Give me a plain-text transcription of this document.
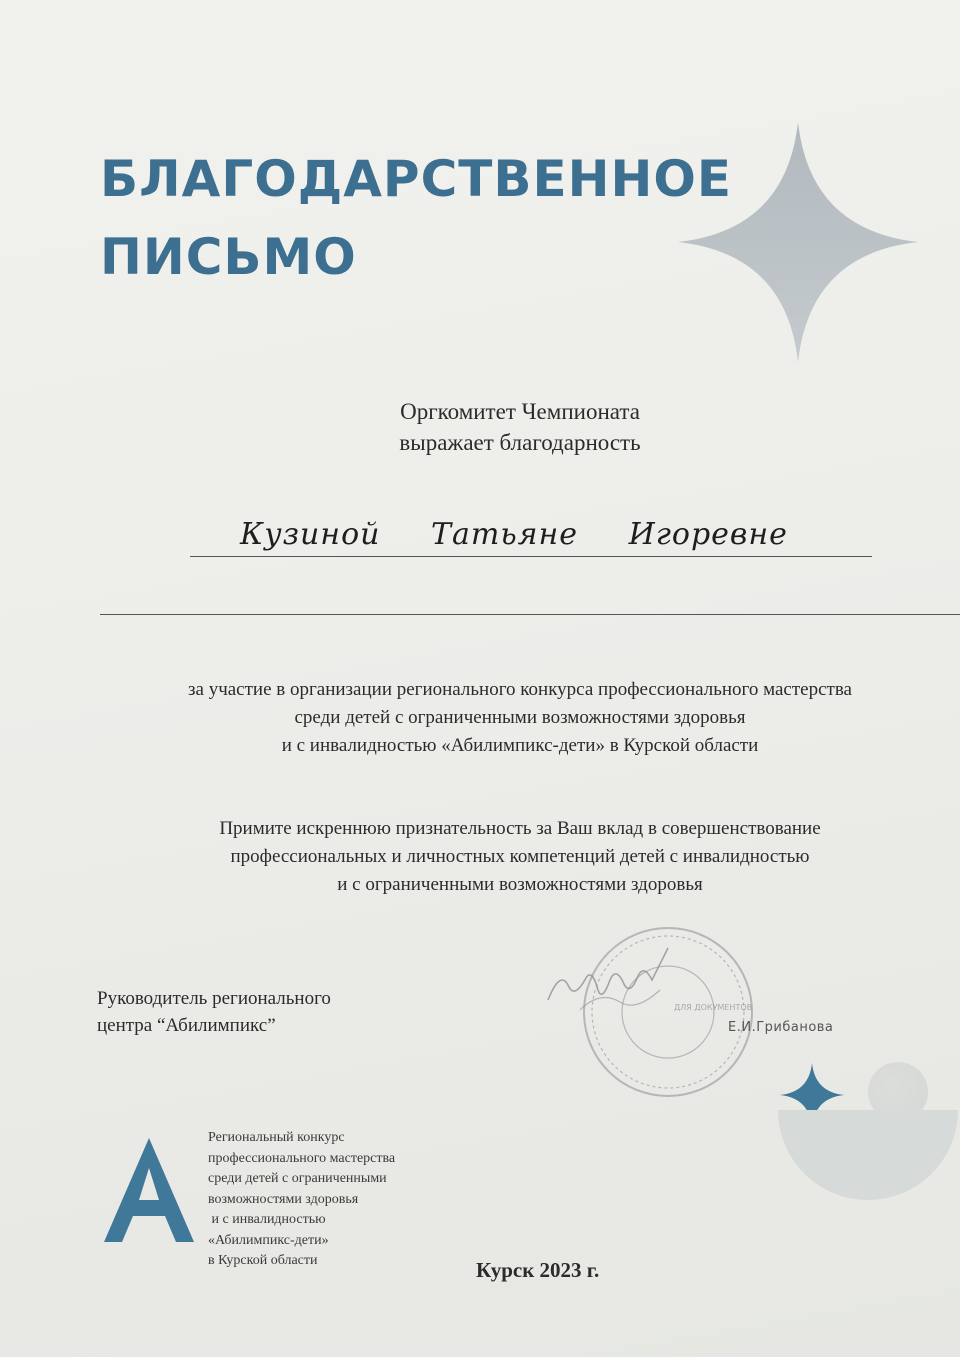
БЛАГОДАРСТВЕННОЕ
ПИСЬМО
Оргкомитет Чемпионата
выражает благодарность
Кузиной Татьяне Игоревне
за участие в организации регионального конкурса профессионального мастерства
среди детей с ограниченными возможностями здоровья
и с инвалидностью «Абилимпикс-дети» в Курской области
Примите искреннюю признательность за Ваш вклад в совершенствование
профессиональных и личностных компетенций детей с инвалидностью
и с ограниченными возможностями здоровья
Руководитель регионального
центра “Абилимпикс”
ДЛЯ ДОКУМЕНТОВ
Е.И.Грибанова
Региональный конкурс
профессионального мастерства
среди детей с ограниченными
возможностями здоровья
и с инвалидностью
«Абилимпикс-дети»
в Курской области	Курск 2023 г.
